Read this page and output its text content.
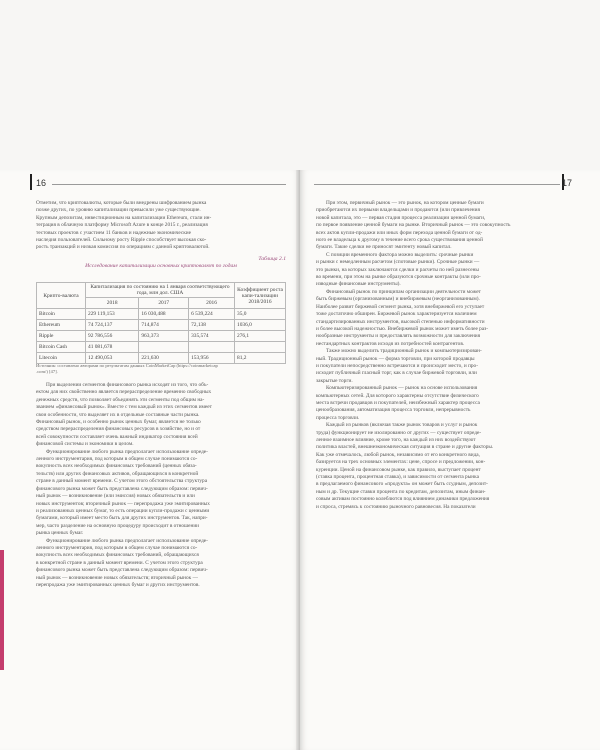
16
Отметим, что криптовалюты, которые были внедрены шифрованием рынка
позже других, по уровню капитализации превысили уже существующие.
Крупным депозитам, инвестиционным на капитализации Ethereum, стали ин-
теграция в облачную платформу Microsoft Azure в конце 2015 г., реализация
тестовых проектов с участием 11 банков и надежные экономические
наследия пользователей. Сильному росту Ripple способствует высокая ско-
рость транзакций и низкая комиссия по операциям с данной криптовалютой.
Таблица 2.1
Исследование капитализации основных криптовалют по годам
Крипто-валюта	Капитализация по состоянию на 1 января соответствующего года, млн дол. США			Коэффициент роста капи-тализации 2018/2016
	2018	2017	2016	
Bitcoin	229 119,153	16 030,488	6 539,224	35,0
Ethereum	74 724,137	714,874	72,138	1036,0
Ripple	92 786,556	963,373	335,574	276,1
Bitcoin Cash	41 081,678			
Litecoin	12 490,053	221,630	153,956	81,2
Источник: составлено авторами по результатам данных CoinMarketCap (https://coinmarketcap
.com/) [47].

При выделении сегментов финансового рынка исходят из того, что объ-
ектом для них свойственно является перераспределение временно свободных
денежных средств, что позволяет объединять эти сегменты под общим на-
званием «финансовый рынок». Вместе с тем каждый из этих сегментов имеет
свои особенности, что выделяет их в отдельные составные части рынка.
Финансовый рынок, и особенно рынок ценных бумаг, является не только
средством перераспределения финансовых ресурсов в хозяйстве, но и от
всей совокупности составляет очень важный индикатор состояния всей
финансовой системы и экономики в целом.

Функционирование любого рынка предполагает использование опреде-
ленного инструментария, под которым в общем случае понимаются со-
вокупность всех необходимых финансовых требований (ценных обяза-
тельств) или других финансовых активов, обращающихся в конкретной
стране в данный момент времени. С учетом этого обстоятельства структура
финансового рынка может быть представлена следующим образом: первич-
ный рынок — возникновение (или эмиссия) новых обязательств и или
новых инструментов; вторичный рынок — перепродажа уже эмитированных
и реализованных ценных бумаг, то есть операции купли-продажи с ценными
бумагами, который имеет место быть для других инструментов. Так, напри-
мер, часто разделение на основную процедуру происходит в отношении
рынка ценных бумаг.

Функционирование любого рынка предполагает использование опреде-
ленного инструментария, под которым в общем случае понимаются со-
вокупность всех необходимых финансовых требований, обращающихся
в конкретной стране в данный момент времени. С учетом этого структура
финансового рынка может быть представлена следующим образом: первич-
ный рынок — возникновение новых обязательств; вторичный рынок —
перепродажа уже эмитированных ценных бумаг и других инструментов.

17

При этом, первичный рынок — это рынок, на котором ценные бумаги
приобретаются их первыми владельцами и продаются (или привлечения
новой капитала, это — первая стадия процесса реализации ценной бумаги,
по первое появление ценной бумаги на рынке. Вторичный рынок — это совокупность
всех актов купли-продажи или иных форм перехода ценной бумаги от од-
ного ее владельца к другому в течение всего срока существования ценной
бумаги. Такие сделки не приносят эмитенту новый капитал.

С позиции временного фактора можно выделить: срочные рынки
и рынки с немедленным расчетом (спотовые рынки). Срочные рынки —
это рынки, на которых заключаются сделки и расчеты по ней разнесены
во времени, при этом на рынке образуются срочные контракты (или про-
изводные финансовые инструменты).

Финансовый рынок по принципам организации деятельности может
быть биржевым (организованным) и внебиржевым (неорганизованным).
Наиболее развит биржевой сегмент рынка, хотя внебиржевой его уступает
тоже достаточно обширен. Биржевой рынок характеризуется наличием
стандартизированных инструментов, высокой степенью информативности
и более высокой надежностью. Внебиржевой рынок может иметь более раз-
нообразные инструменты и предоставлять возможности для заключения
нестандартных контрактов исходя из потребностей контрагентов.

Также можно выделить традиционный рынок и компьютеризирован-
ный. Традиционный рынок — форма торговли, при которой продавцы
и покупатели непосредственно встречаются и происходит место, и про-
исходит публичный гласный торг, как в случае биржевой торговли, или
закрытые торги.

Компьютеризированный рынок — рынок на основе использования
компьютерных сетей. Для которого характерны отсутствие физического
места встречи продавцов и покупателей, неизбежный характер процесса
ценообразования, автоматизация процесса торговли, непрерывность
процесса торговли.

Каждый из рынков (включая также рынок товаров и услуг и рынок
труда) функционирует не изолированно от других — существует опреде-
ленное взаимное влияние, кроме того, на каждый из них воздействуют
политика властей, внешнеэкономическая ситуация в стране и другие факторы.
Как уже отмечалось, любой рынок, независимо от его конкретного вида,
базируется на трех основных элементах: цене, спросе и предложении, кон-
куренции. Ценой на финансовом рынке, как правило, выступает процент
(ставка процента, процентная ставка), и зависимости от сегмента рынка
в предлагаемого финансового «продукта» он может быть ссудным, депозит-
ным и др. Текущие ставки процента по кредитам, депозитам, иным финан-
совым активам постоянно колеблются под влиянием динамики предложения
и спроса, стремясь к состоянию рыночного равновесия. На показатели
